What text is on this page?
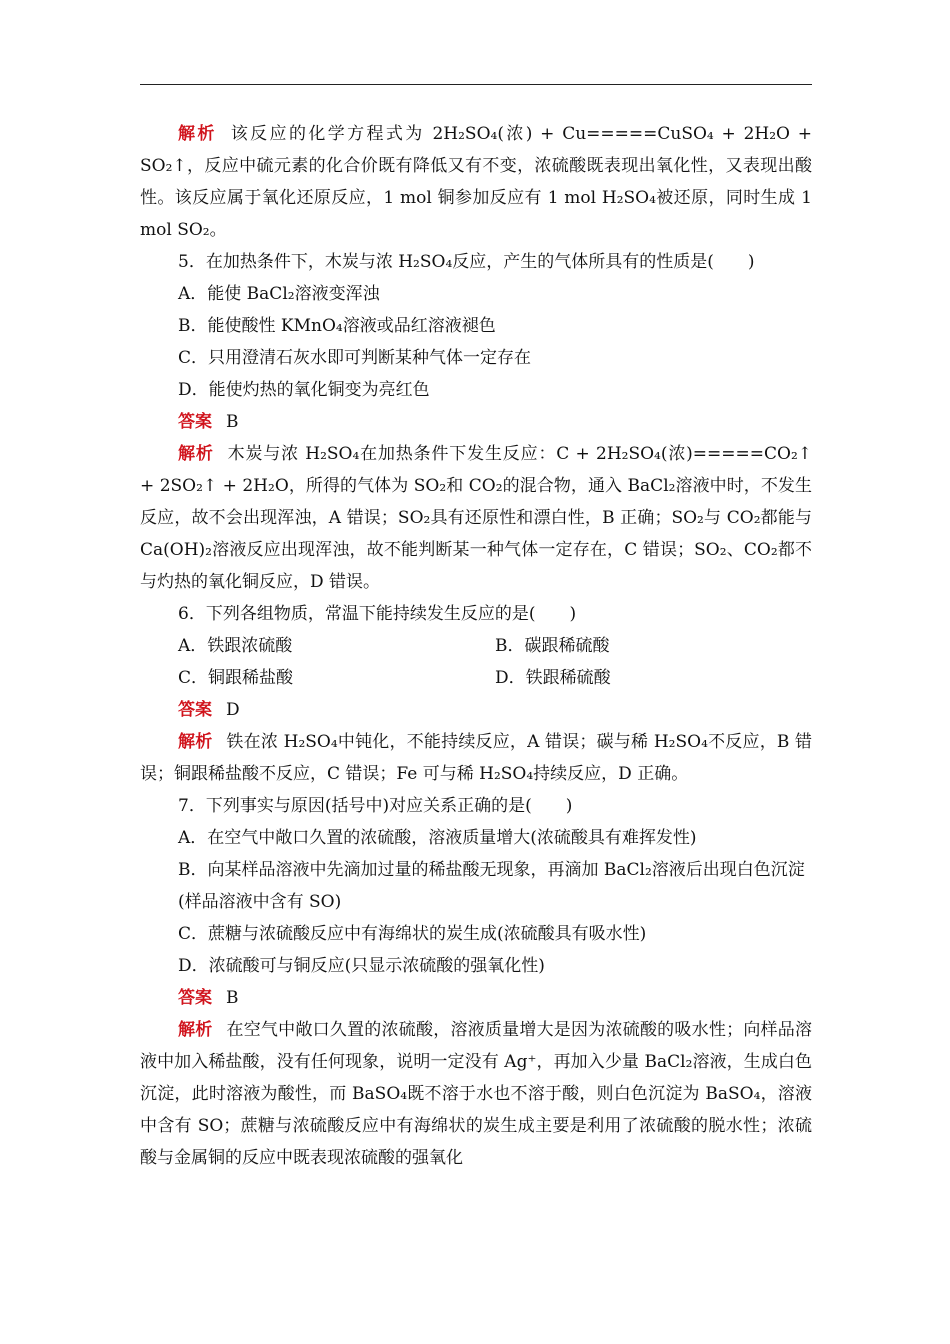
解析 该反应的化学方程式为 2H₂SO₄(浓) + Cu=====CuSO₄ + 2H₂O + SO₂↑，反应中硫元素的化合价既有降低又有不变，浓硫酸既表现出氧化性，又表现出酸性。该反应属于氧化还原反应，1 mol 铜参加反应有 1 mol H₂SO₄被还原，同时生成 1 mol SO₂。
5．在加热条件下，木炭与浓 H₂SO₄反应，产生的气体所具有的性质是(　　)
A．能使 BaCl₂溶液变浑浊
B．能使酸性 KMnO₄溶液或品红溶液褪色
C．只用澄清石灰水即可判断某种气体一定存在
D．能使灼热的氧化铜变为亮红色
答案 B
解析 木炭与浓 H₂SO₄在加热条件下发生反应：C + 2H₂SO₄(浓)=====CO₂↑ + 2SO₂↑ + 2H₂O，所得的气体为 SO₂和 CO₂的混合物，通入 BaCl₂溶液中时，不发生反应，故不会出现浑浊，A 错误；SO₂具有还原性和漂白性，B 正确；SO₂与 CO₂都能与 Ca(OH)₂溶液反应出现浑浊，故不能判断某一种气体一定存在，C 错误；SO₂、CO₂都不与灼热的氧化铜反应，D 错误。
6．下列各组物质，常温下能持续发生反应的是(　　)
A．铁跟浓硫酸	B．碳跟稀硫酸
C．铜跟稀盐酸	D．铁跟稀硫酸
答案 D
解析 铁在浓 H₂SO₄中钝化，不能持续反应，A 错误；碳与稀 H₂SO₄不反应，B 错误；铜跟稀盐酸不反应，C 错误；Fe 可与稀 H₂SO₄持续反应，D 正确。
7．下列事实与原因(括号中)对应关系正确的是(　　)
A．在空气中敞口久置的浓硫酸，溶液质量增大(浓硫酸具有难挥发性)
B．向某样品溶液中先滴加过量的稀盐酸无现象，再滴加 BaCl₂溶液后出现白色沉淀(样品溶液中含有 SO)
C．蔗糖与浓硫酸反应中有海绵状的炭生成(浓硫酸具有吸水性)
D．浓硫酸可与铜反应(只显示浓硫酸的强氧化性)
答案 B
解析 在空气中敞口久置的浓硫酸，溶液质量增大是因为浓硫酸的吸水性；向样品溶液中加入稀盐酸，没有任何现象，说明一定没有 Ag⁺，再加入少量 BaCl₂溶液，生成白色沉淀，此时溶液为酸性，而 BaSO₄既不溶于水也不溶于酸，则白色沉淀为 BaSO₄，溶液中含有 SO；蔗糖与浓硫酸反应中有海绵状的炭生成主要是利用了浓硫酸的脱水性；浓硫酸与金属铜的反应中既表现浓硫酸的强氧化
